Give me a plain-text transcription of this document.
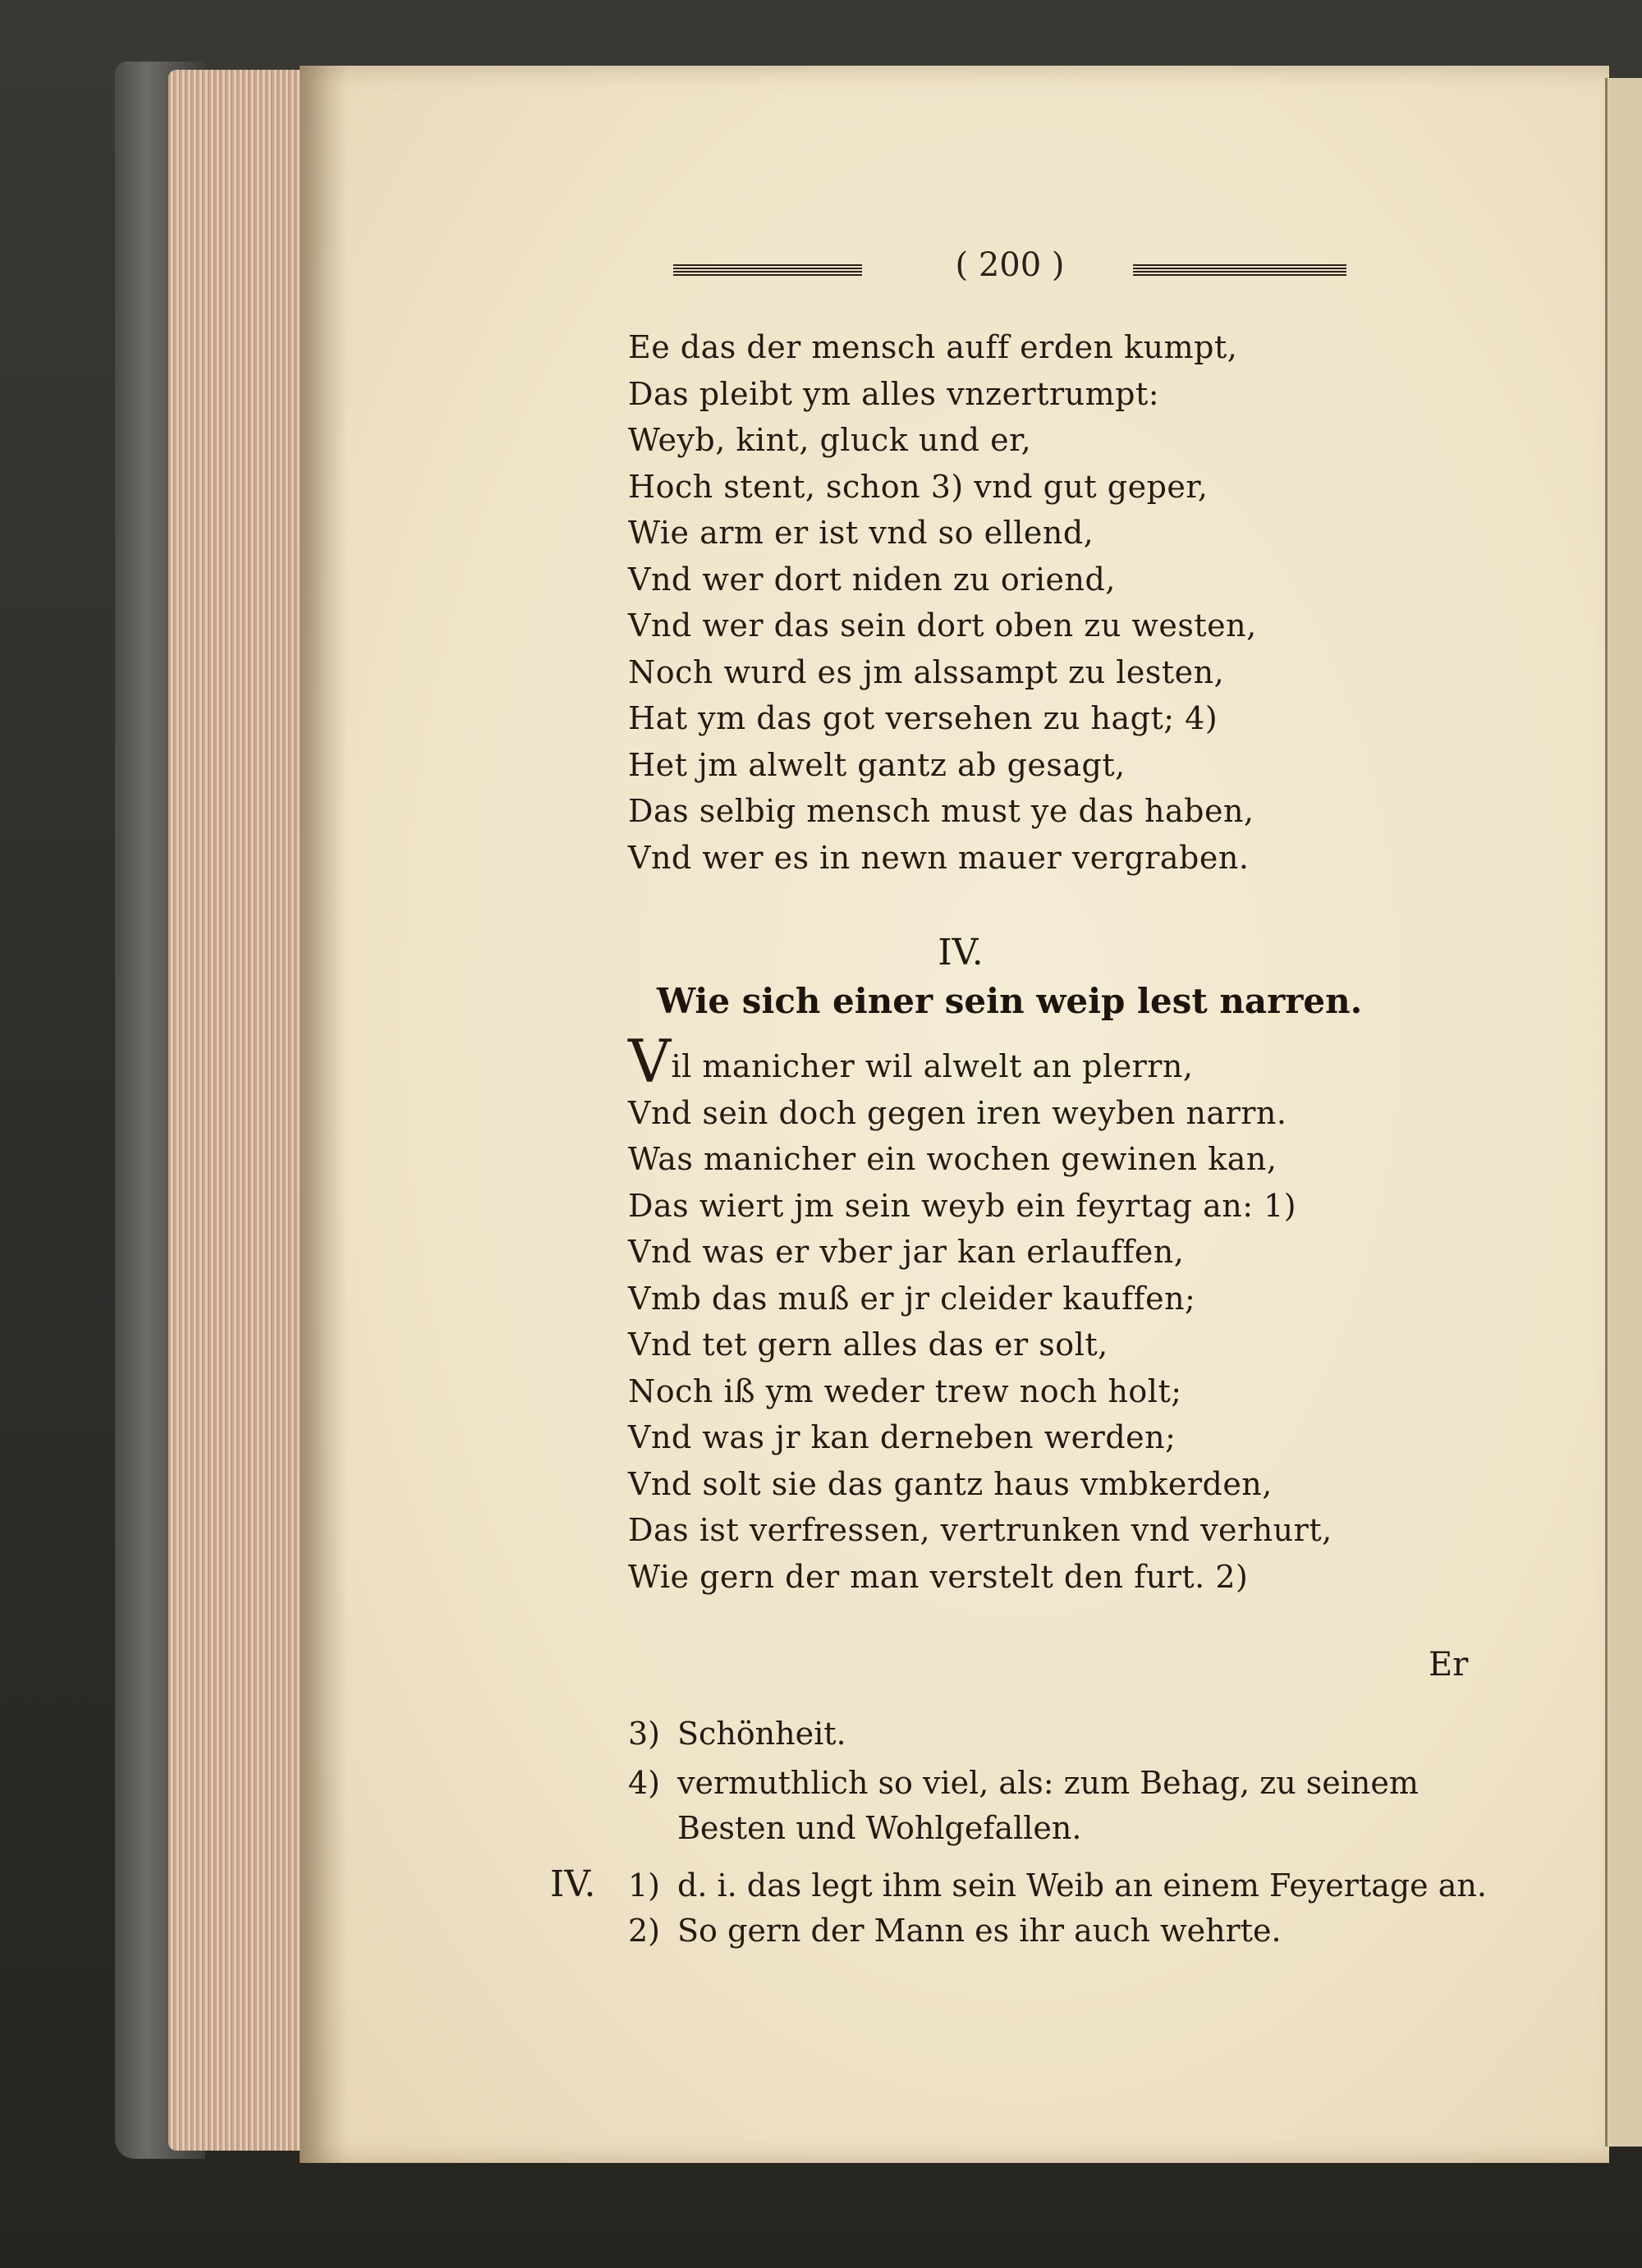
( 200 )
Ee das der mensch auff erden kumpt,
Das pleibt ym alles vnzertrumpt:
Weyb, kint, gluck und er,
Hoch stent, schon 3) vnd gut geper,
Wie arm er ist vnd so ellend,
Vnd wer dort niden zu oriend,
Vnd wer das sein dort oben zu westen,
Noch wurd es jm alssampt zu lesten,
Hat ym das got versehen zu hagt; 4)
Het jm alwelt gantz ab gesagt,
Das selbig mensch must ye das haben,
Vnd wer es in newn mauer vergraben.
IV.
Wie sich einer sein weip lest narren.
Vil manicher wil alwelt an plerrn,
Vnd sein doch gegen iren weyben narrn.
Was manicher ein wochen gewinen kan,
Das wiert jm sein weyb ein feyrtag an: 1)
Vnd was er vber jar kan erlauffen,
Vmb das muß er jr cleider kauffen;
Vnd tet gern alles das er solt,
Noch iß ym weder trew noch holt;
Vnd was jr kan derneben werden;
Vnd solt sie das gantz haus vmbkerden,
Das ist verfressen, vertrunken vnd verhurt,
Wie gern der man verstelt den furt. 2)
Er
3) Schönheit.
4) vermuthlich so viel, als: zum Behag, zu seinem
Besten und Wohlgefallen.
1) d. i. das legt ihm sein Weib an einem Feyertage an.
2) So gern der Mann es ihr auch wehrte.
IV.
